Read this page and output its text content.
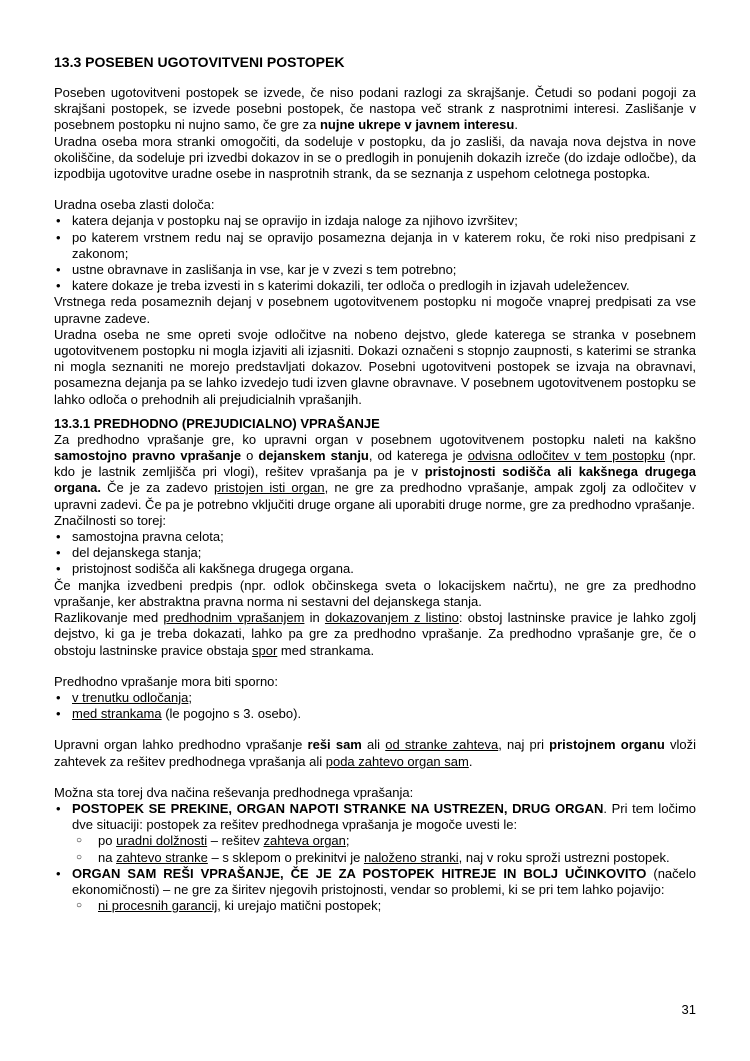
13.3 POSEBEN UGOTOVITVENI POSTOPEK

Poseben ugotovitveni postopek se izvede, če niso podani razlogi za skrajšanje. Četudi so podani pogoji za skrajšani postopek, se izvede posebni postopek, če nastopa več strank z nasprotnimi interesi. Zaslišanje v posebnem postopku ni nujno samo, če gre za nujne ukrepe v javnem interesu.

Uradna oseba mora stranki omogočiti, da sodeluje v postopku, da jo zasliši, da navaja nova dejstva in nove okoliščine, da sodeluje pri izvedbi dokazov in se o predlogih in ponujenih dokazih izreče (do izdaje odločbe), da izpodbija ugotovitve uradne osebe in nasprotnih strank, da se seznanja z uspehom celotnega postopka.

Uradna oseba zlasti določa:

• katera dejanja v postopku naj se opravijo in izdaja naloge za njihovo izvršitev;
• po katerem vrstnem redu naj se opravijo posamezna dejanja in v katerem roku, če roki niso predpisani z zakonom;
• ustne obravnave in zaslišanja in vse, kar je v zvezi s tem potrebno;
• katere dokaze je treba izvesti in s katerimi dokazili, ter odloča o predlogih in izjavah udeležencev.

Vrstnega reda posameznih dejanj v posebnem ugotovitvenem postopku ni mogoče vnaprej predpisati za vse upravne zadeve.

Uradna oseba ne sme opreti svoje odločitve na nobeno dejstvo, glede katerega se stranka v posebnem ugotovitvenem postopku ni mogla izjaviti ali izjasniti. Dokazi označeni s stopnjo zaupnosti, s katerimi se stranka ni mogla seznaniti ne morejo predstavljati dokazov. Posebni ugotovitveni postopek se izvaja na obravnavi, posamezna dejanja pa se lahko izvedejo tudi izven glavne obravnave. V posebnem ugotovitvenem postopku se lahko odloča o prehodnih ali prejudicialnih vprašanjih.

13.3.1 PREDHODNO (PREJUDICIALNO) VPRAŠANJE

Za predhodno vprašanje gre, ko upravni organ v posebnem ugotovitvenem postopku naleti na kakšno samostojno pravno vprašanje o dejanskem stanju, od katerega je odvisna odločitev v tem postopku (npr. kdo je lastnik zemljišča pri vlogi), rešitev vprašanja pa je v pristojnosti sodišča ali kakšnega drugega organa. Če je za zadevo pristojen isti organ, ne gre za predhodno vprašanje, ampak zgolj za odločitev v upravni zadevi. Če pa je potrebno vključiti druge organe ali uporabiti druge norme, gre za predhodno vprašanje.

Značilnosti so torej:

• samostojna pravna celota;
• del dejanskega stanja;
• pristojnost sodišča ali kakšnega drugega organa.

Če manjka izvedbeni predpis (npr. odlok občinskega sveta o lokacijskem načrtu), ne gre za predhodno vprašanje, ker abstraktna pravna norma ni sestavni del dejanskega stanja.

Razlikovanje med predhodnim vprašanjem in dokazovanjem z listino: obstoj lastninske pravice je lahko zgolj dejstvo, ki ga je treba dokazati, lahko pa gre za predhodno vprašanje. Za predhodno vprašanje gre, če o obstoju lastninske pravice obstaja spor med strankama.

Predhodno vprašanje mora biti sporno:

• v trenutku odločanja;
• med strankama (le pogojno s 3. osebo).

Upravni organ lahko predhodno vprašanje reši sam ali od stranke zahteva, naj pri pristojnem organu vloži zahtevek za rešitev predhodnega vprašanja ali poda zahtevo organ sam.

Možna sta torej dva načina reševanja predhodnega vprašanja:

• POSTOPEK SE PREKINE, ORGAN NAPOTI STRANKE NA USTREZEN, DRUG ORGAN. Pri tem ločimo dve situaciji: postopek za rešitev predhodnega vprašanja je mogoče uvesti le:
○ po uradni dolžnosti – rešitev zahteva organ;
○ na zahtevo stranke – s sklepom o prekinitvi je naloženo stranki, naj v roku sproži ustrezni postopek.
• ORGAN SAM REŠI VPRAŠANJE, ČE JE ZA POSTOPEK HITREJE IN BOLJ UČINKOVITO (načelo ekonomičnosti) – ne gre za širitev njegovih pristojnosti, vendar so problemi, ki se pri tem lahko pojavijo:
○ ni procesnih garancij, ki urejajo matični postopek;
31
